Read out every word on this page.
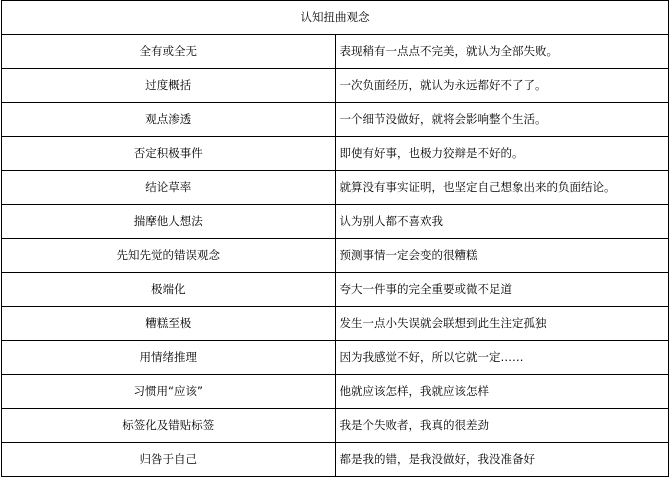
认知扭曲观念	
全有或全无	表现稍有一点点不完美，就认为全部失败。
过度概括	一次负面经历，就认为永远都好不了了。
观点渗透	一个细节没做好，就将会影响整个生活。
否定积极事件	即使有好事，也极力狡辩是不好的。
结论草率	就算没有事实证明，也坚定自己想象出来的负面结论。
揣摩他人想法	认为别人都不喜欢我
先知先觉的错误观念	预测事情一定会变的很糟糕
极端化	夸大一件事的完全重要或微不足道
糟糕至极	发生一点小失误就会联想到此生注定孤独
用情绪推理	因为我感觉不好，所以它就一定……
习惯用“应该”	他就应该怎样，我就应该怎样
标签化及错贴标签	我是个失败者，我真的很差劲
归咎于自己	都是我的错，是我没做好，我没准备好
